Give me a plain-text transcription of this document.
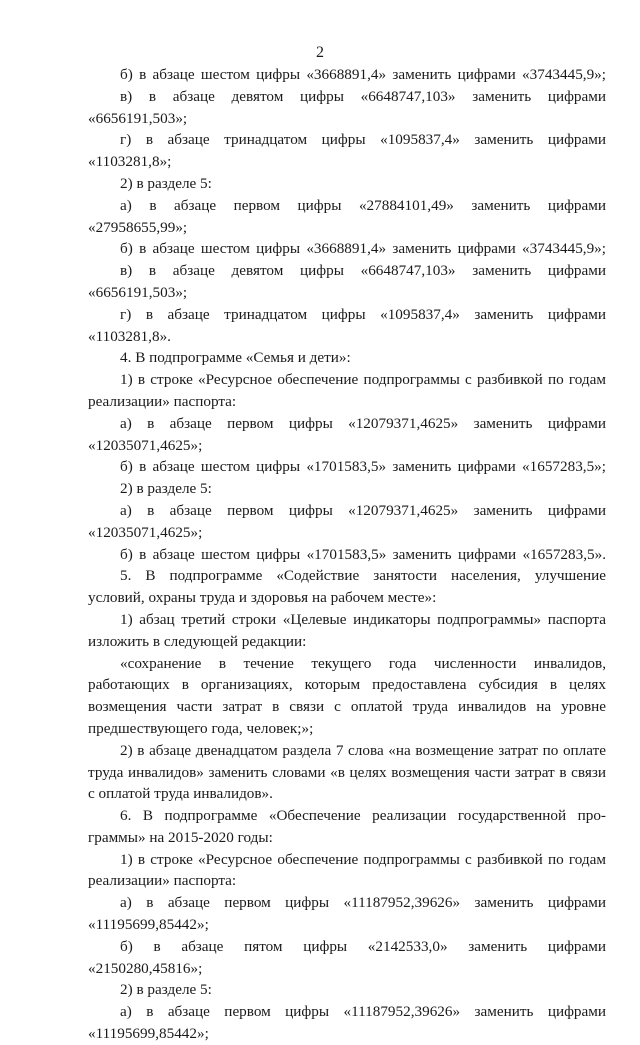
2

б) в абзаце шестом цифры «3668891,4» заменить цифрами «3743445,9»;

в) в абзаце девятом цифры «6648747,103» заменить цифрами

«6656191,503»;

г) в абзаце тринадцатом цифры «1095837,4» заменить цифрами

«1103281,8»;

2) в разделе 5:

а) в абзаце первом цифры «27884101,49» заменить цифрами

«27958655,99»;

б) в абзаце шестом цифры «3668891,4» заменить цифрами «3743445,9»;

в) в абзаце девятом цифры «6648747,103» заменить цифрами

«6656191,503»;

г) в абзаце тринадцатом цифры «1095837,4» заменить цифрами

«1103281,8».

4. В подпрограмме «Семья и дети»:

1) в строке «Ресурсное обеспечение подпрограммы с разбивкой по годам

реализации» паспорта:

а) в абзаце первом цифры «12079371,4625» заменить цифрами

«12035071,4625»;

б) в абзаце шестом цифры «1701583,5» заменить цифрами «1657283,5»;

2) в разделе 5:

а) в абзаце первом цифры «12079371,4625» заменить цифрами

«12035071,4625»;

б) в абзаце шестом цифры «1701583,5» заменить цифрами «1657283,5».

5. В подпрограмме «Содействие занятости населения, улучшение

условий, охраны труда и здоровья на рабочем месте»:

1) абзац третий строки «Целевые индикаторы подпрограммы» паспорта

изложить в следующей редакции:

«сохранение в течение текущего года численности инвалидов,

работающих в организациях, которым предоставлена субсидия в целях

возмещения части затрат в связи с оплатой труда инвалидов на уровне

предшествующего года, человек;»;

2) в абзаце двенадцатом раздела 7 слова «на возмещение затрат по оплате

труда инвалидов» заменить словами «в целях возмещения части затрат в связи

с оплатой труда инвалидов».

6. В подпрограмме «Обеспечение реализации государственной про-

граммы» на 2015-2020 годы:

1) в строке «Ресурсное обеспечение подпрограммы с разбивкой по годам

реализации» паспорта:

а) в абзаце первом цифры «11187952,39626» заменить цифрами

«11195699,85442»;

б) в абзаце пятом цифры «2142533,0» заменить цифрами

«2150280,45816»;

2) в разделе 5:

а) в абзаце первом цифры «11187952,39626» заменить цифрами

«11195699,85442»;
